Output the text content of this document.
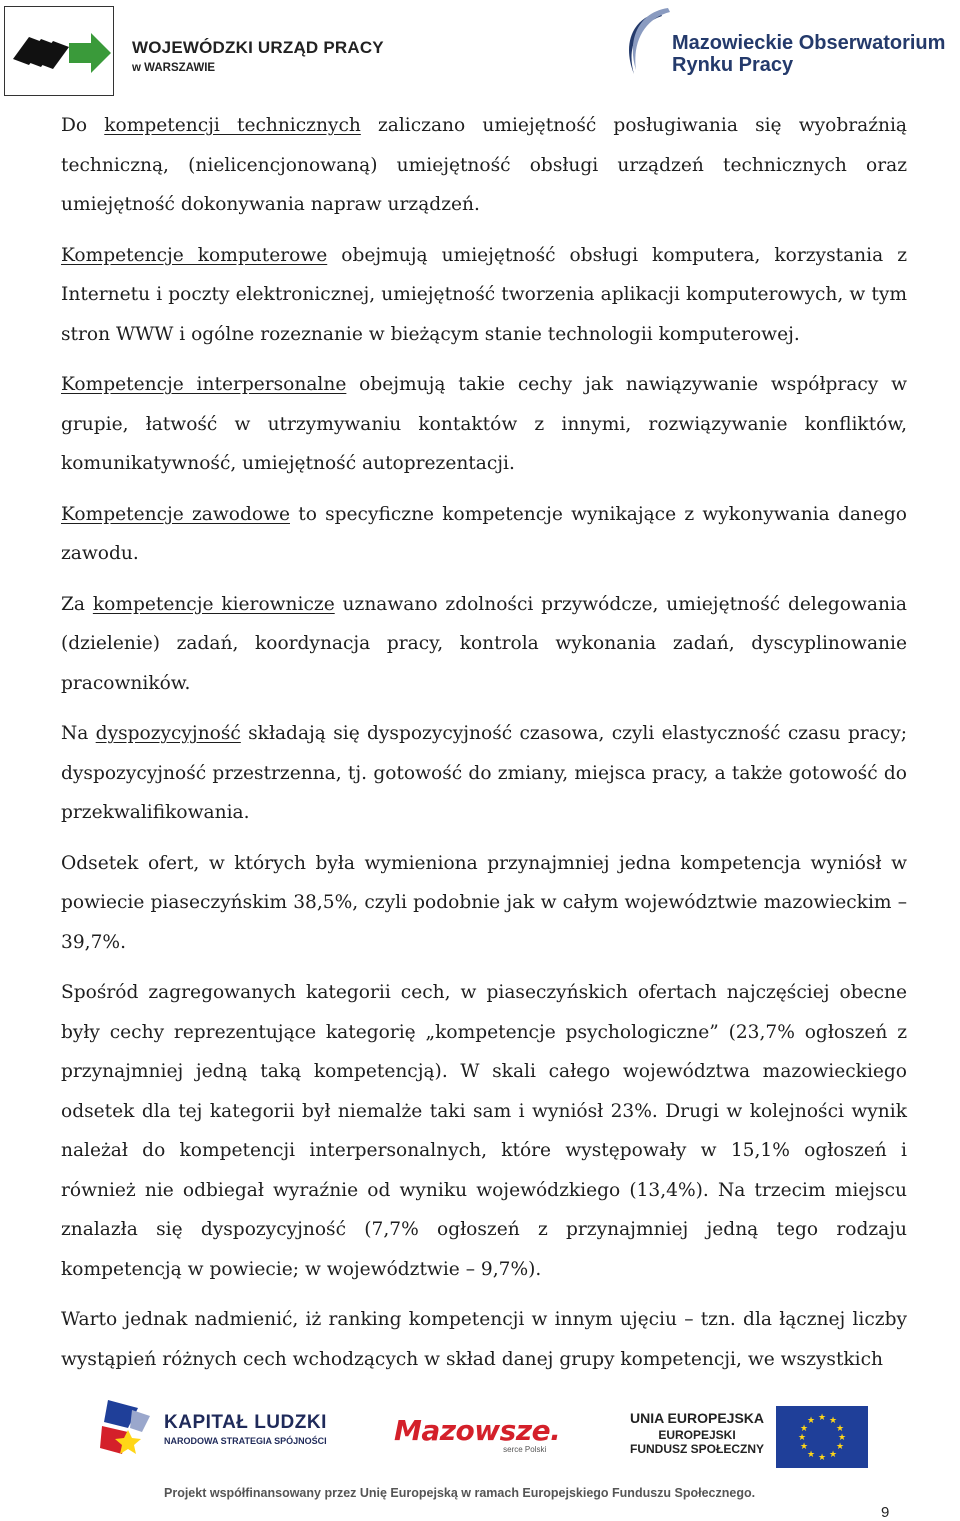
WOJEWÓDZKI URZĄD PRACY
w WARSZAWIE
Mazowieckie Obserwatorium
Rynku Pracy

Do kompetencji technicznych zaliczano umiejętność posługiwania się wyobraźnią techniczną, (nielicencjonowaną) umiejętność obsługi urządzeń technicznych oraz umiejętność dokonywania napraw urządzeń.

Kompetencje komputerowe obejmują umiejętność obsługi komputera, korzystania z Internetu i poczty elektronicznej, umiejętność tworzenia aplikacji komputerowych, w tym stron WWW i ogólne rozeznanie w bieżącym stanie technologii komputerowej.

Kompetencje interpersonalne obejmują takie cechy jak nawiązywanie współpracy w grupie, łatwość w utrzymywaniu kontaktów z innymi, rozwiązywanie konfliktów, komunikatywność, umiejętność autoprezentacji.

Kompetencje zawodowe to specyficzne kompetencje wynikające z wykonywania danego zawodu.

Za kompetencje kierownicze uznawano zdolności przywódcze, umiejętność delegowania (dzielenie) zadań, koordynacja pracy, kontrola wykonania zadań, dyscyplinowanie pracowników.

Na dyspozycyjność składają się dyspozycyjność czasowa, czyli elastyczność czasu pracy; dyspozycyjność przestrzenna, tj. gotowość do zmiany, miejsca pracy, a także gotowość do przekwalifikowania.

Odsetek ofert, w których była wymieniona przynajmniej jedna kompetencja wyniósł w powiecie piaseczyńskim 38,5%, czyli podobnie jak w całym województwie mazowieckim – 39,7%.

Spośród zagregowanych kategorii cech, w piaseczyńskich ofertach najczęściej obecne były cechy reprezentujące kategorię „kompetencje psychologiczne” (23,7% ogłoszeń z przynajmniej jedną taką kompetencją). W skali całego województwa mazowieckiego odsetek dla tej kategorii był niemalże taki sam i wyniósł 23%. Drugi w kolejności wynik należał do kompetencji interpersonalnych, które występowały w 15,1% ogłoszeń i również nie odbiegał wyraźnie od wyniku wojewódzkiego (13,4%). Na trzecim miejscu znalazła się dyspozycyjność (7,7% ogłoszeń z przynajmniej jedną tego rodzaju kompetencją w powiecie; w województwie – 9,7%).

Warto jednak nadmienić, iż ranking kompetencji w innym ujęciu – tzn. dla łącznej liczby wystąpień różnych cech wchodzących w skład danej grupy kompetencji, we wszystkich

KAPITAŁ LUDZKI
NARODOWA STRATEGIA SPÓJNOŚCI Mazowsze.
serce Polski
UNIA EUROPEJSKA
EUROPEJSKI
FUNDUSZ SPOŁECZNY
★ ★
★
★
★
★
★
★
★
★
★
★
Projekt współfinansowany przez Unię Europejską w ramach Europejskiego Funduszu Społecznego.
9
